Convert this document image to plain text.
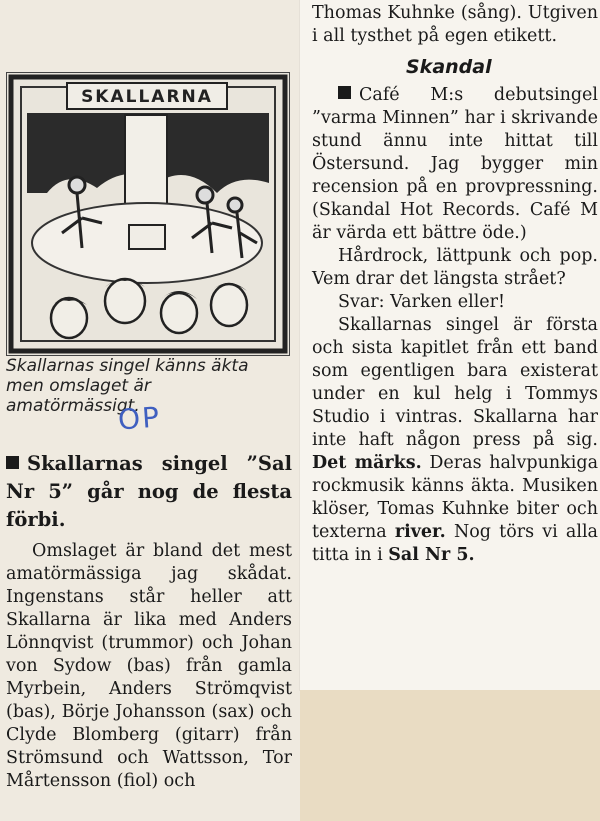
SKALLARNA
Skallarnas singel känns äkta men omslaget är amatörmässigt.
OP
Skallarnas singel ”Sal Nr 5” går nog de flesta förbi.

Omslaget är bland det mest amatörmässiga jag skådat. Ingenstans står heller att Skallarna är lika med Anders Lönnqvist (trummor) och Johan von Sydow (bas) från gamla Myrbein, Anders Strömqvist (bas), Börje Johansson (sax) och Clyde Blomberg (gitarr) från Strömsund och Wattsson, Tor Mårtensson (fiol) och

Thomas Kuhnke (sång). Utgiven i all tysthet på egen etikett.

Skandal

Café M:s debutsingel ”varma Minnen” har i skrivande stund ännu inte hittat till Östersund. Jag bygger min recension på en provpressning. (Skandal Hot Records. Café M är värda ett bättre öde.)

Hårdrock, lättpunk och pop. Vem drar det längsta strået?

Svar: Varken eller!

Skallarnas singel är första och sista kapitlet från ett band som egentligen bara existerat under en kul helg i Tommys Studio i vintras. Skallarna har inte haft någon press på sig. Det märks. Deras halvpunkiga rockmusik känns äkta. Musiken klöser, Tomas Kuhnke biter och texterna river. Nog törs vi alla titta in i Sal Nr 5.
